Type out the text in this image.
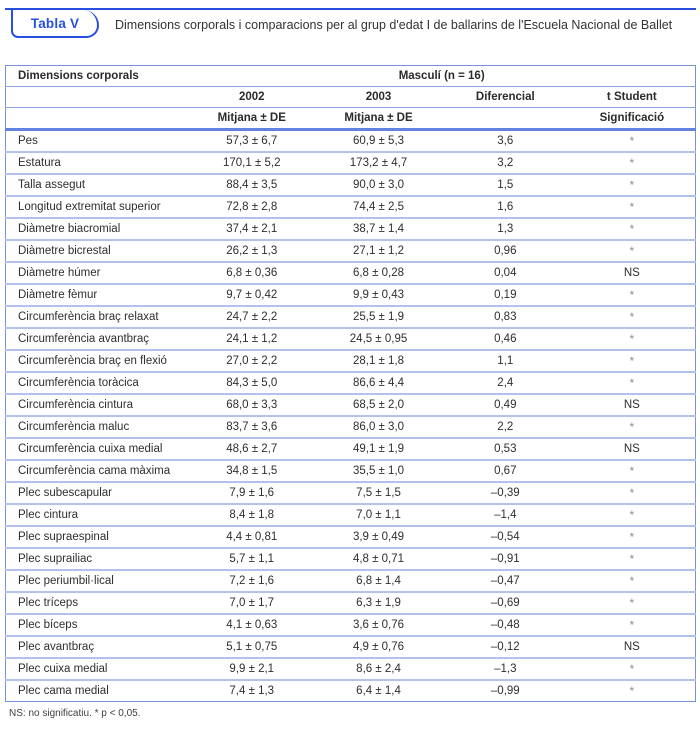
Tabla V	Dimensions corporals i comparacions per al grup d'edat I de ballarins de l'Escuela Nacional de Ballet
Dimensions corporals	Masculí (n = 16)			
	2002	2003	Diferencial	t Student
	Mitjana ± DE	Mitjana ± DE		Significació
Pes	57,3 ± 6,7	60,9 ± 5,3	3,6	*
Estatura	170,1 ± 5,2	173,2 ± 4,7	3,2	*
Talla assegut	88,4 ± 3,5	90,0 ± 3,0	1,5	*
Longitud extremitat superior	72,8 ± 2,8	74,4 ± 2,5	1,6	*
Diàmetre biacromial	37,4 ± 2,1	38,7 ± 1,4	1,3	*
Diàmetre bicrestal	26,2 ± 1,3	27,1 ± 1,2	0,96	*
Diàmetre húmer	6,8 ± 0,36	6,8 ± 0,28	0,04	NS
Diàmetre fèmur	9,7 ± 0,42	9,9 ± 0,43	0,19	*
Circumferència braç relaxat	24,7 ± 2,2	25,5 ± 1,9	0,83	*
Circumferència avantbraç	24,1 ± 1,2	24,5 ± 0,95	0,46	*
Circumferència braç en flexió	27,0 ± 2,2	28,1 ± 1,8	1,1	*
Circumferència toràcica	84,3 ± 5,0	86,6 ± 4,4	2,4	*
Circumferència cintura	68,0 ± 3,3	68,5 ± 2,0	0,49	NS
Circumferència maluc	83,7 ± 3,6	86,0 ± 3,0	2,2	*
Circumferència cuixa medial	48,6 ± 2,7	49,1 ± 1,9	0,53	NS
Circumferència cama màxima	34,8 ± 1,5	35,5 ± 1,0	0,67	*
Plec subescapular	7,9 ± 1,6	7,5 ± 1,5	–0,39	*
Plec cintura	8,4 ± 1,8	7,0 ± 1,1	–1,4	*
Plec supraespinal	4,4 ± 0,81	3,9 ± 0,49	–0,54	*
Plec suprailiac	5,7 ± 1,1	4,8 ± 0,71	–0,91	*
Plec periumbil·lical	7,2 ± 1,6	6,8 ± 1,4	–0,47	*
Plec tríceps	7,0 ± 1,7	6,3 ± 1,9	–0,69	*
Plec bíceps	4,1 ± 0,63	3,6 ± 0,76	–0,48	*
Plec avantbraç	5,1 ± 0,75	4,9 ± 0,76	–0,12	NS
Plec cuixa medial	9,9 ± 2,1	8,6 ± 2,4	–1,3	*
Plec cama medial	7,4 ± 1,3	6,4 ± 1,4	–0,99	*
NS: no significatiu. * p < 0,05.
